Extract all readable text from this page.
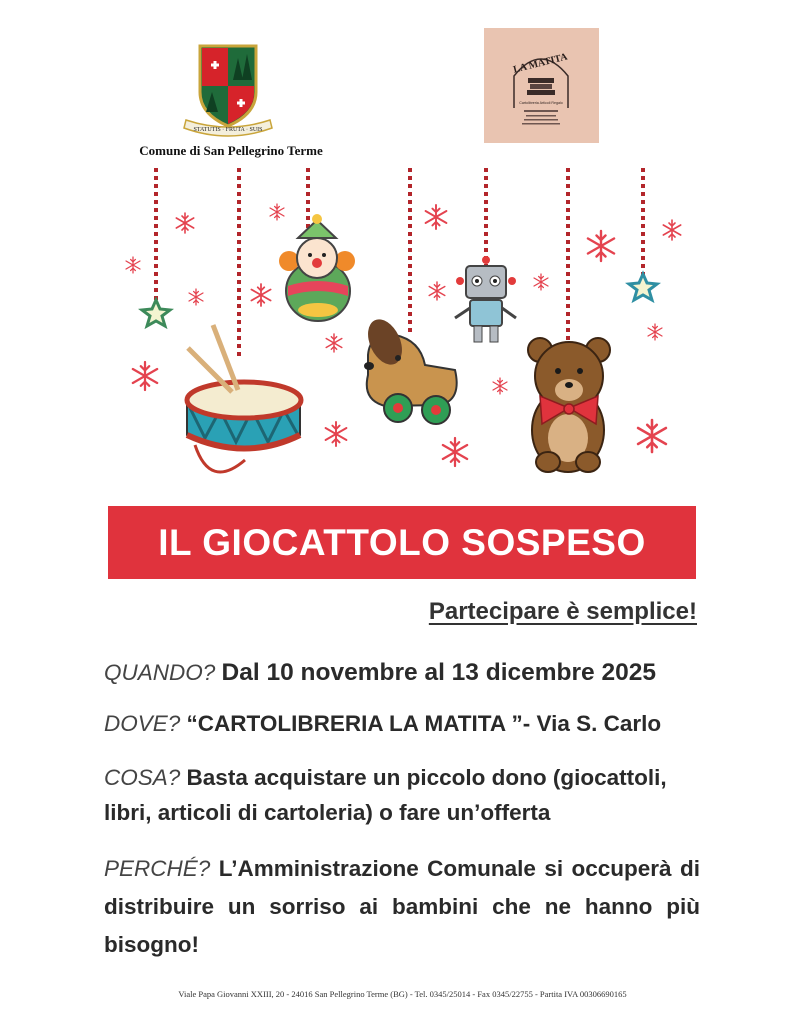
STATUTIS · FRUTA · SUIS
Comune di San Pellegrino Terme
LA MATITA
Cartolibreria Articoli Regalo
IL GIOCATTOLO SOSPESO
Partecipare è semplice!
QUANDO? Dal 10 novembre al 13 dicembre 2025
DOVE? “CARTOLIBRERIA LA MATITA ”- Via S. Carlo
COSA? Basta acquistare un piccolo dono (giocattoli, libri, articoli di cartoleria) o fare un’offerta
PERCHÉ? L’Amministrazione Comunale si occuperà di distribuire un sorriso ai bambini che ne hanno più bisogno!
Viale Papa Giovanni XXIII, 20 - 24016 San Pellegrino Terme (BG) - Tel. 0345/25014 - Fax 0345/22755 - Partita IVA 00306690165
